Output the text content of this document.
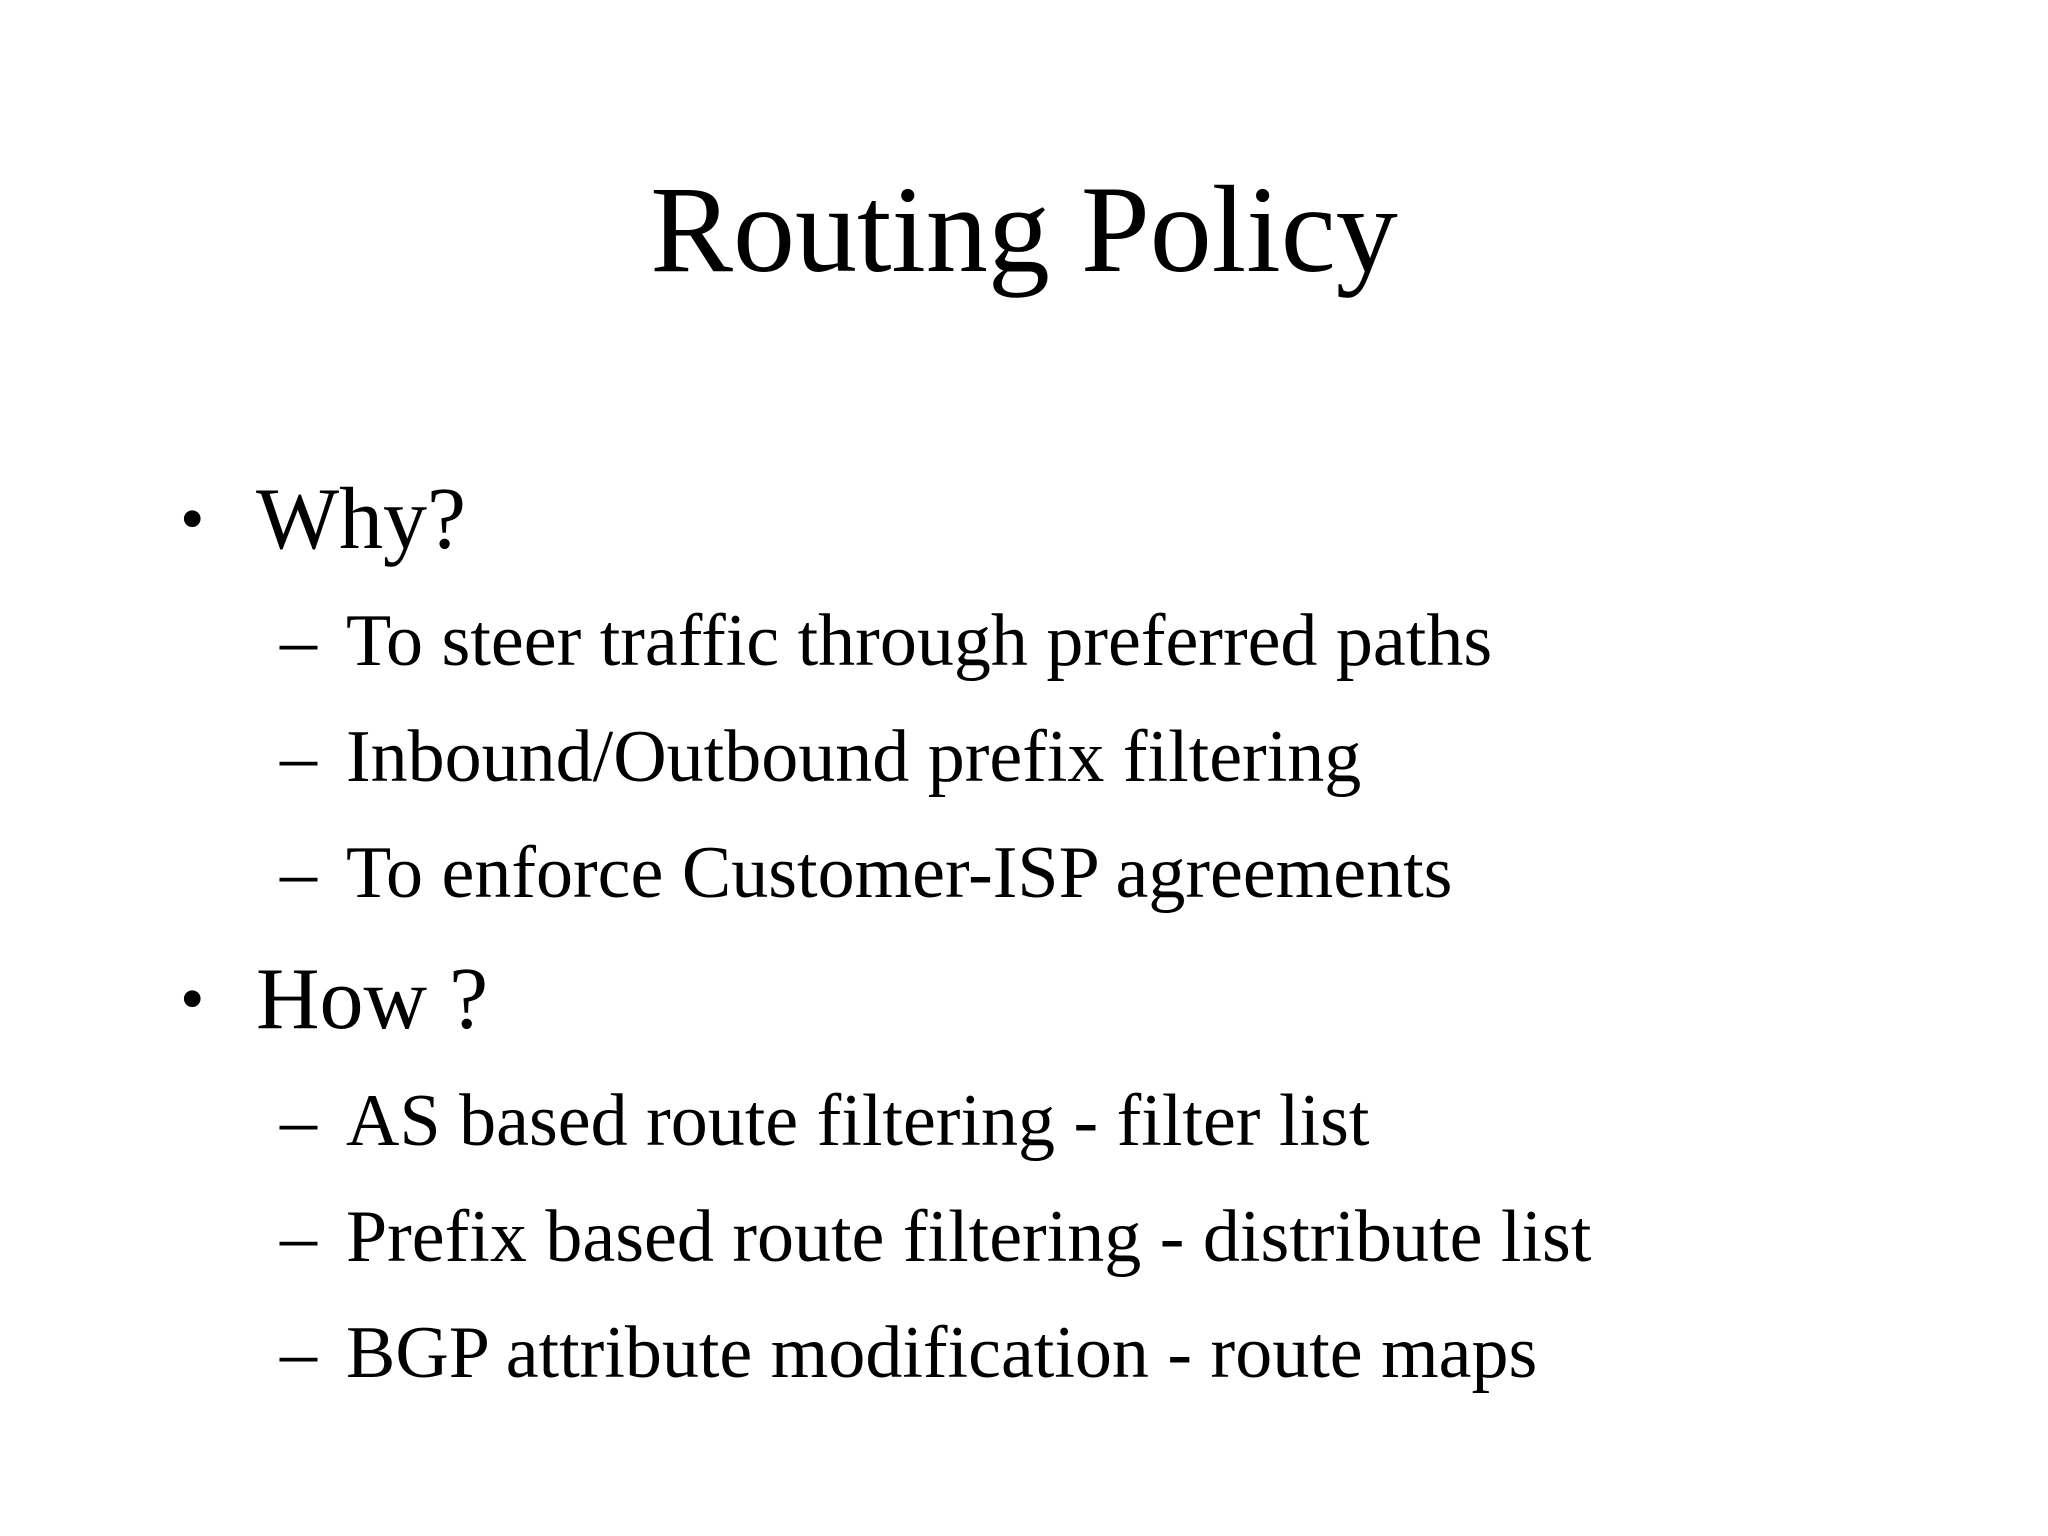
Routing Policy
• Why?
– To steer traffic through preferred paths
– Inbound/Outbound prefix filtering
– To enforce Customer-ISP agreements
• How ?
– AS based route filtering - filter list
– Prefix based route filtering - distribute list
– BGP attribute modification - route maps
